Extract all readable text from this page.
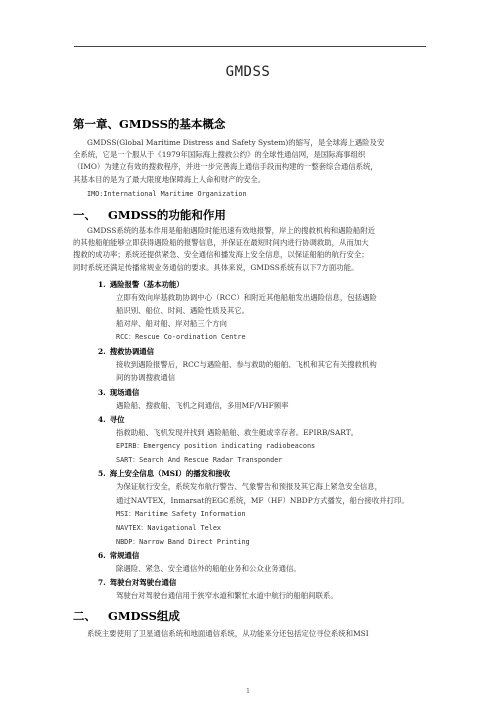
GMDSS
第一章、GMDSS的基本概念
GMDSS(Global Maritime Distress and Safety System)的缩写，是全球海上遇险及安
全系统，它是一个服从于《1979年国际海上搜救公约》的全球性通信网，是国际海事组织
（IMO）为建立有效的搜救程序，并进一步完善海上通信手段而构建的一整套综合通信系统，
其基本目的是为了最大限度地保障海上人命和财产的安全。
IMO:International Maritime Organization
一、 GMDSS的功能和作用
GMDSS系统的基本作用是船舶遇险时能迅速有效地报警，岸上的搜救机构和遇险船附近
的其他船舶能够立即获得遇险船的报警信息，并保证在最短时间内进行协调救助，从而加大
搜救的成功率；系统还提供紧急、安全通信和播发海上安全信息，以保证船舶的航行安全；
同时系统还满足传播常规业务通信的要求。具体来说，GMDSS系统有以下7方面功能。
1. 遇险报警（基本功能）
立即有效向岸基救助协调中心（RCC）和附近其他船舶发出遇险信息，包括遇险
船识别、船位、时间、遇险性质及其它。
船对岸、船对船、岸对船三个方向
RCC：Rescue Co-ordination Centre
2. 搜救协调通信
接收到遇险报警后，RCC与遇险船、参与救助的船舶、飞机和其它有关搜救机构
间的协调搜救通信
3. 现场通信
遇险船、搜救船、飞机之间通信，多用MF/VHF频率
4. 寻位
指救助船、飞机发现并找到 遇险船舶、救生艇或幸存者。EPIRB/SART。
EPIRB：Emergency position indicating radiobeacons
SART：Search And Rescue Radar Transponder
5. 海上安全信息（MSI）的播发和接收
为保证航行安全，系统发布航行警告、气象警告和预报及其它海上紧急安全信息，
通过NAVTEX，Inmarsat的EGC系统，MF（HF）NBDP方式播发，船台接收并打印。
MSI：Maritime Safety Information
NAVTEX：Navigational Telex
NBDP：Narrow Band Direct Printing
6. 常规通信
除遇险、紧急、安全通信外的船舶业务和公众业务通信。
7. 驾驶台对驾驶台通信
驾驶台对驾驶台通信用于狭窄水道和繁忙水道中航行的船舶间联系。
二、 GMDSS组成
系统主要使用了卫星通信系统和地面通信系统，从功能来分还包括定位寻位系统和MSI
1
